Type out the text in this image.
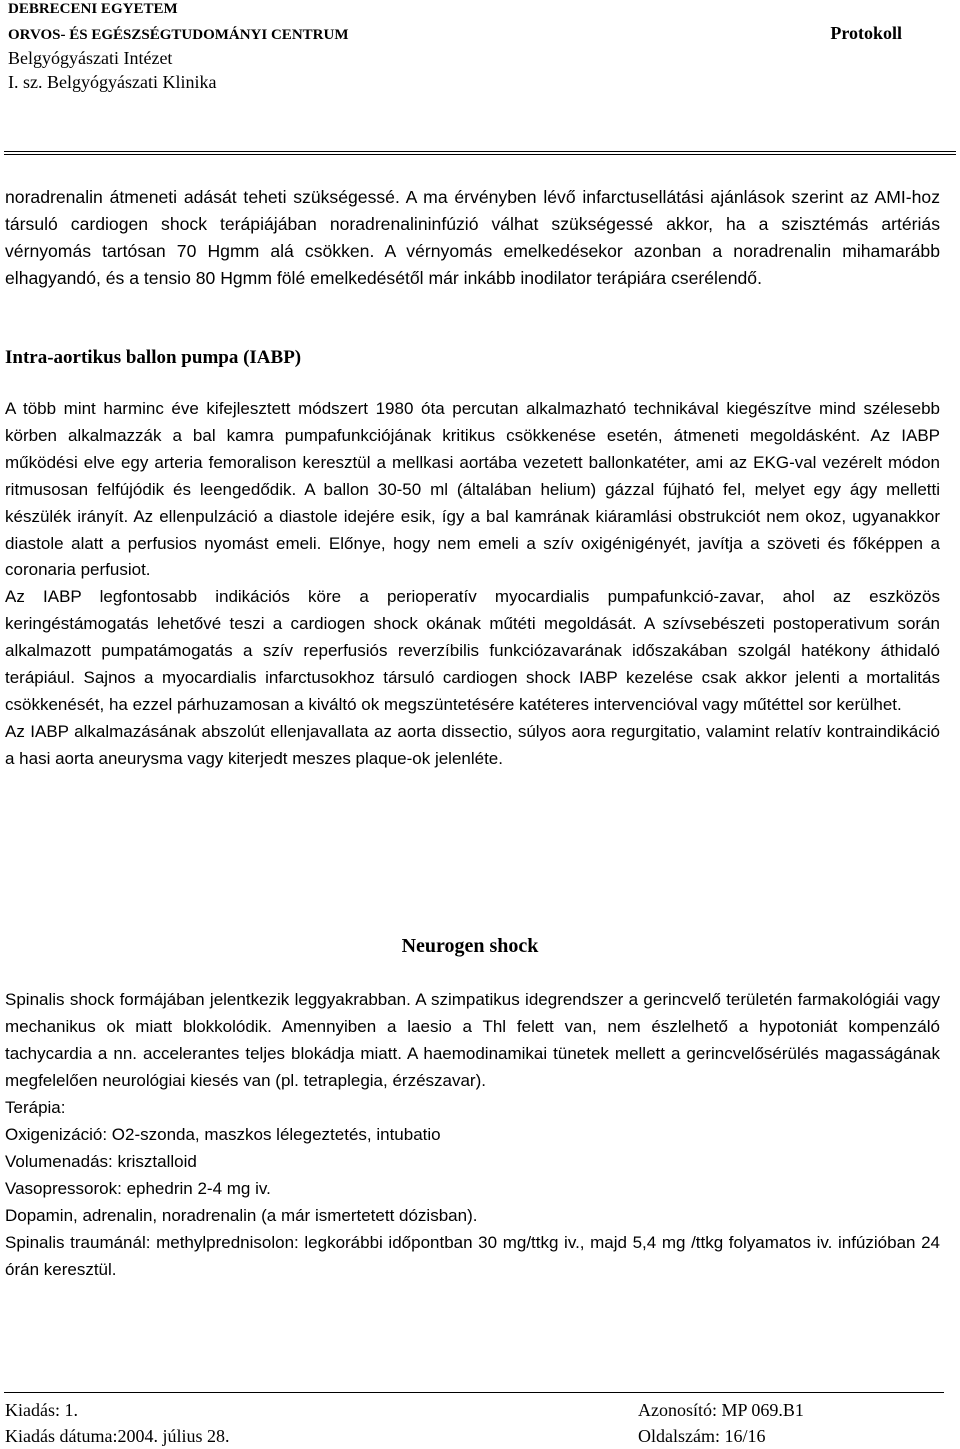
DEBRECENI EGYETEM
ORVOS- ÉS EGÉSZSÉGTUDOMÁNYI CENTRUM
Belgyógyászati Intézet
I. sz. Belgyógyászati Klinika
Protokoll
noradrenalin átmeneti adását teheti szükségessé. A ma érvényben lévő infarctusellátási ajánlások szerint az AMI-hoz társuló cardiogen shock terápiájában noradrenalininfúzió válhat szükségessé akkor, ha a szisztémás artériás vérnyomás tartósan 70 Hgmm alá csökken. A vérnyomás emelkedésekor azonban a noradrenalin mihamarább elhagyandó, és a tensio 80 Hgmm fölé emelkedésétől már inkább inodilator terápiára cserélendő.
Intra-aortikus ballon pumpa (IABP)

A több mint harminc éve kifejlesztett módszert 1980 óta percutan alkalmazható technikával kiegészítve mind szélesebb körben alkalmazzák a bal kamra pumpafunkciójának kritikus csökkenése esetén, átmeneti megoldásként. Az IABP működési elve egy arteria femoralison keresztül a mellkasi aortába vezetett ballonkatéter, ami az EKG-val vezérelt módon ritmusosan felfújódik és leengedődik. A ballon 30-50 ml (általában helium) gázzal fújható fel, melyet egy ágy melletti készülék irányít. Az ellenpulzáció a diastole idejére esik, így a bal kamrának kiáramlási obstrukciót nem okoz, ugyanakkor diastole alatt a perfusios nyomást emeli. Előnye, hogy nem emeli a szív oxigénigényét, javítja a szöveti és főképpen a coronaria perfusiot.

Az IABP legfontosabb indikációs köre a perioperatív myocardialis pumpafunkció-zavar, ahol az eszközös keringéstámogatás lehetővé teszi a cardiogen shock okának műtéti megoldását. A szívsebészeti postoperativum során alkalmazott pumpatámogatás a szív reperfusiós reverzíbilis funkciózavarának időszakában szolgál hatékony áthidaló terápiául. Sajnos a myocardialis infarctusokhoz társuló cardiogen shock IABP kezelése csak akkor jelenti a mortalitás csökkenését, ha ezzel párhuzamosan a kiváltó ok megszüntetésére katéteres intervencióval vagy műtéttel sor kerülhet.

Az IABP alkalmazásának abszolút ellenjavallata az aorta dissectio, súlyos aora regurgitatio, valamint relatív kontraindikáció a hasi aorta aneurysma vagy kiterjedt meszes plaque-ok jelenléte.

Neurogen shock

Spinalis shock formájában jelentkezik leggyakrabban. A szimpatikus idegrendszer a gerincvelő területén farmakológiái vagy mechanikus ok miatt blokkolódik. Amennyiben a laesio a Thl felett van, nem észlelhető a hypotoniát kompenzáló tachycardia a nn. accelerantes teljes blokádja miatt. A haemodinamikai tünetek mellett a gerincvelősérülés magasságának megfelelően neurológiai kiesés van (pl. tetraplegia, érzészavar).

Terápia:

Oxigenizáció: O2-szonda, maszkos lélegeztetés, intubatio

Volumenadás: krisztalloid

Vasopressorok: ephedrin 2-4 mg iv.

Dopamin, adrenalin, noradrenalin (a már ismertetett dózisban).

Spinalis traumánál: methylprednisolon: legkorábbi időpontban 30 mg/ttkg iv., majd 5,4 mg /ttkg folyamatos iv. infúzióban 24 órán keresztül.

Kiadás: 1.
Kiadás dátuma:2004. július 28.
Azonosító: MP 069.B1
Oldalszám: 16/16
